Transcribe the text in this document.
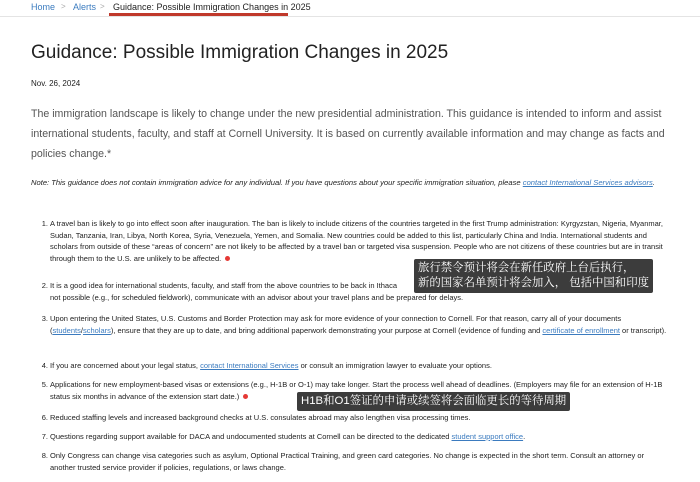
Home > Alerts > Guidance: Possible Immigration Changes in 2025
Guidance: Possible Immigration Changes in 2025
Nov. 26, 2024
The immigration landscape is likely to change under the new presidential administration. This guidance is intended to inform and assist international students, faculty, and staff at Cornell University. It is based on currently available information and may change as facts and policies change.*
Note: This guidance does not contain immigration advice for any individual. If you have questions about your specific immigration situation, please contact International Services advisors.
1. A travel ban is likely to go into effect soon after inauguration. The ban is likely to include citizens of the countries targeted in the first Trump administration: Kyrgyzstan, Nigeria, Myanmar, Sudan, Tanzania, Iran, Libya, North Korea, Syria, Venezuela, Yemen, and Somalia. New countries could be added to this list, particularly China and India. International students and scholars from outside of these “areas of concern” are not likely to be affected by a travel ban or targeted visa suspension. People who are not citizens of these countries but are in transit through them to the U.S. are unlikely to be affected.
2. It is a good idea for international students, faculty, and staff from the above countries to be back in Ithaca
not possible (e.g., for scheduled fieldwork), communicate with an advisor about your travel plans and be prepared for delays.
3. Upon entering the United States, U.S. Customs and Border Protection may ask for more evidence of your connection to Cornell. For that reason, carry all of your documents (students/scholars), ensure that they are up to date, and bring additional paperwork demonstrating your purpose at Cornell (evidence of funding and certificate of enrollment or transcript).
4. If you are concerned about your legal status, contact International Services or consult an immigration lawyer to evaluate your options.
5. Applications for new employment-based visas or extensions (e.g., H-1B or O-1) may take longer. Start the process well ahead of deadlines. (Employers may file for an extension of H-1B status six months in advance of the extension start date.)
6. Reduced staffing levels and increased background checks at U.S. consulates abroad may also lengthen visa processing times.
7. Questions regarding support available for DACA and undocumented students at Cornell can be directed to the dedicated student support office.
8. Only Congress can change visa categories such as asylum, Optional Practical Training, and green card categories. No change is expected in the short term. Consult an attorney or another trusted service provider if policies, regulations, or laws change.
旅行禁令预计将会在新任政府上台后执行，
新的国家名单预计将会加入， 包括中国和印度
H1B和O1签证的申请或续签将会面临更长的等待周期
